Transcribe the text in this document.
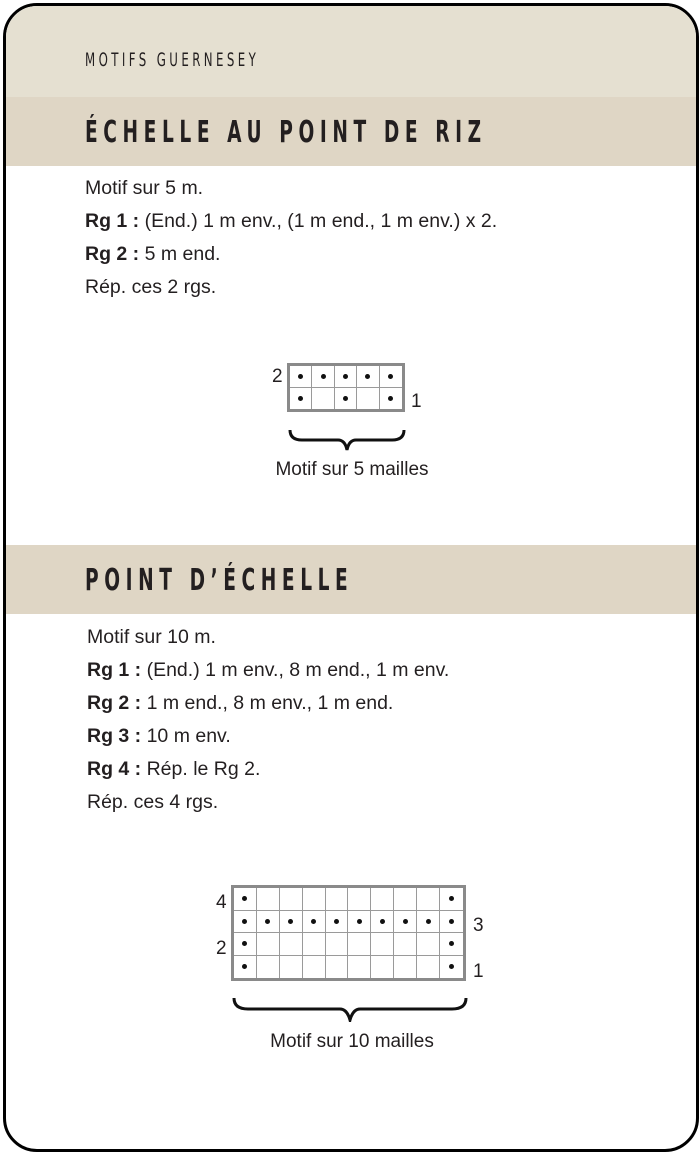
MOTIFS GUERNESEY
ÉCHELLE AU POINT DE RIZ
Motif sur 5 m.
Rg 1 : (End.) 1 m env., (1 m end., 1 m env.) x 2.
Rg 2 : 5 m end.
Rép. ces 2 rgs.
2
1
Motif sur 5 mailles
POINT D’ÉCHELLE
Motif sur 10 m.
Rg 1 : (End.) 1 m env., 8 m end., 1 m env.
Rg 2 : 1 m end., 8 m env., 1 m end.
Rg 3 : 10 m env.
Rg 4 : Rép. le Rg 2.
Rép. ces 4 rgs.
4
3
2
1
Motif sur 10 mailles
